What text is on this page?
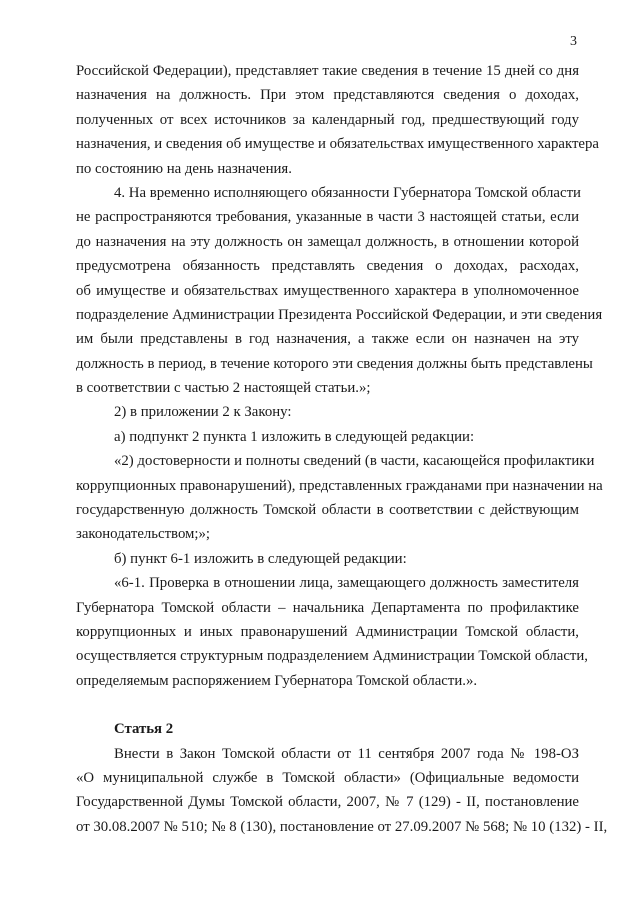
3
Российской Федерации), представляет такие сведения в течение 15 дней со дня
назначения на должность. При этом представляются сведения о доходах,
полученных от всех источников за календарный год, предшествующий году
назначения, и сведения об имуществе и обязательствах имущественного характера
по состоянию на день назначения.
4. На временно исполняющего обязанности Губернатора Томской области
не распространяются требования, указанные в части 3 настоящей статьи, если
до назначения на эту должность он замещал должность, в отношении которой
предусмотрена обязанность представлять сведения о доходах, расходах,
об имуществе и обязательствах имущественного характера в уполномоченное
подразделение Администрации Президента Российской Федерации, и эти сведения
им были представлены в год назначения, а также если он назначен на эту
должность в период, в течение которого эти сведения должны быть представлены
в соответствии с частью 2 настоящей статьи.»;
2) в приложении 2 к Закону:
а) подпункт 2 пункта 1 изложить в следующей редакции:
«2) достоверности и полноты сведений (в части, касающейся профилактики
коррупционных правонарушений), представленных гражданами при назначении на
государственную должность Томской области в соответствии с действующим
законодательством;»;
б) пункт 6-1 изложить в следующей редакции:
«6-1. Проверка в отношении лица, замещающего должность заместителя
Губернатора Томской области – начальника Департамента по профилактике
коррупционных и иных правонарушений Администрации Томской области,
осуществляется структурным подразделением Администрации Томской области,
определяемым распоряжением Губернатора Томской области.».
Статья 2
Внести в Закон Томской области от 11 сентября 2007 года № 198-ОЗ
«О муниципальной службе в Томской области» (Официальные ведомости
Государственной Думы Томской области, 2007, № 7 (129) - II, постановление
от 30.08.2007 № 510; № 8 (130), постановление от 27.09.2007 № 568; № 10 (132) - II,
